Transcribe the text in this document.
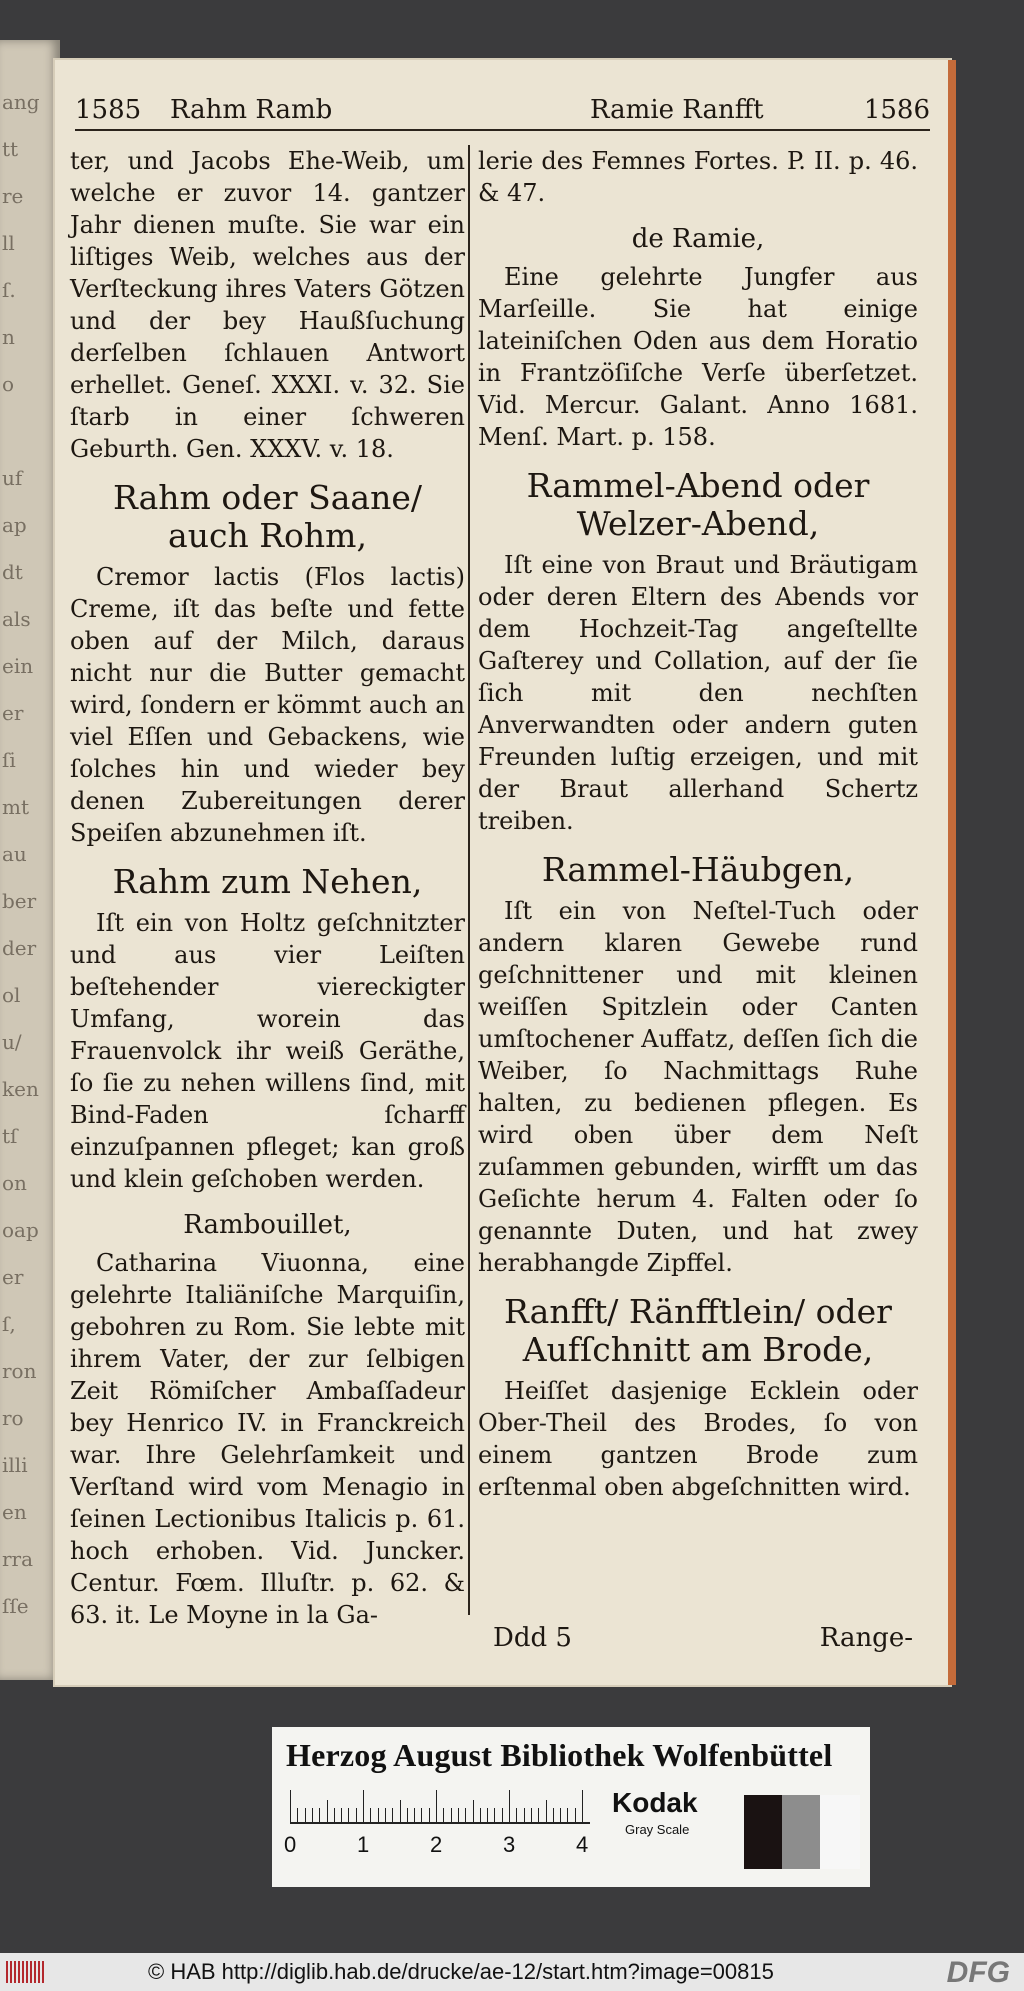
ang
tt
re
ll
ſ.
n
o
uf
ap
dt
als
ein
er
ſi
mt
au
ber
der
ol
u/
ken
tſ
on
oap
er
ſ,
ron
ro
illi
en
rra
ſſe
1585 Rahm Ramb	Ramie Ranfft	1586

ter, und Jacobs Ehe-Weib, um welche er zuvor 14. gantzer Jahr dienen muſte. Sie war ein liſtiges Weib, welches aus der Verſteckung ihres Vaters Götzen und der bey Haußſuchung derſelben ſchlauen Antwort erhellet. Geneſ. XXXI. v. 32. Sie ſtarb in einer ſchweren Geburth. Gen. XXXV. v. 18.

Rahm oder Saane/ auch Rohm,

Cremor lactis (Flos lactis) Creme, iſt das beſte und fette oben auf der Milch, daraus nicht nur die Butter gemacht wird, ſondern er kömmt auch an viel Eſſen und Gebackens, wie ſolches hin und wieder bey denen Zubereitungen derer Speiſen abzunehmen iſt.

Rahm zum Nehen,

Iſt ein von Holtz geſchnitzter und aus vier Leiſten beſtehender viereckigter Umfang, worein das Frauenvolck ihr weiß Geräthe, ſo ſie zu nehen willens ſind, mit Bind-Faden ſcharff einzuſpannen pfleget; kan groß und klein geſchoben werden.

Rambouillet,

Catharina Viuonna, eine gelehrte Italiäniſche Marquiſin, gebohren zu Rom. Sie lebte mit ihrem Vater, der zur ſelbigen Zeit Römiſcher Ambaſſadeur bey Henrico IV. in Franckreich war. Ihre Gelehrſamkeit und Verſtand wird vom Menagio in ſeinen Lectionibus Italicis p. 61. hoch erhoben. Vid. Juncker. Centur. Fœm. Illuſtr. p. 62. & 63. it. Le Moyne in la Ga-

lerie des Femnes Fortes. P. II. p. 46. & 47.

de Ramie,

Eine gelehrte Jungfer aus Marſeille. Sie hat einige lateiniſchen Oden aus dem Horatio in Frantzöſiſche Verſe überſetzet. Vid. Mercur. Galant. Anno 1681. Menſ. Mart. p. 158.

Rammel-Abend oder Welzer-Abend,

Iſt eine von Braut und Bräutigam oder deren Eltern des Abends vor dem Hochzeit-Tag angeſtellte Gaſterey und Collation, auf der ſie ſich mit den nechſten Anverwandten oder andern guten Freunden luſtig erzeigen, und mit der Braut allerhand Schertz treiben.

Rammel-Häubgen,

Iſt ein von Neſtel-Tuch oder andern klaren Gewebe rund geſchnittener und mit kleinen weiſſen Spitzlein oder Canten umſtochener Auffatz, deſſen ſich die Weiber, ſo Nachmittags Ruhe halten, zu bedienen pflegen. Es wird oben über dem Neſt zuſammen gebunden, wirfft um das Geſichte herum 4. Falten oder ſo genannte Duten, und hat zwey herabhangde Zipffel.

Ranfft/ Ränfftlein/ oder Aufſchnitt am Brode,

Heiſſet dasjenige Ecklein oder Ober-Theil des Brodes, ſo von einem gantzen Brode zum erſtenmal oben abgeſchnitten wird.

Ddd 5	Range-
Herzog August Bibliothek Wolfenbüttel
0	1	2	3	4
Kodak
Gray Scale
© HAB http://diglib.hab.de/drucke/ae-12/start.htm?image=00815	DFG
